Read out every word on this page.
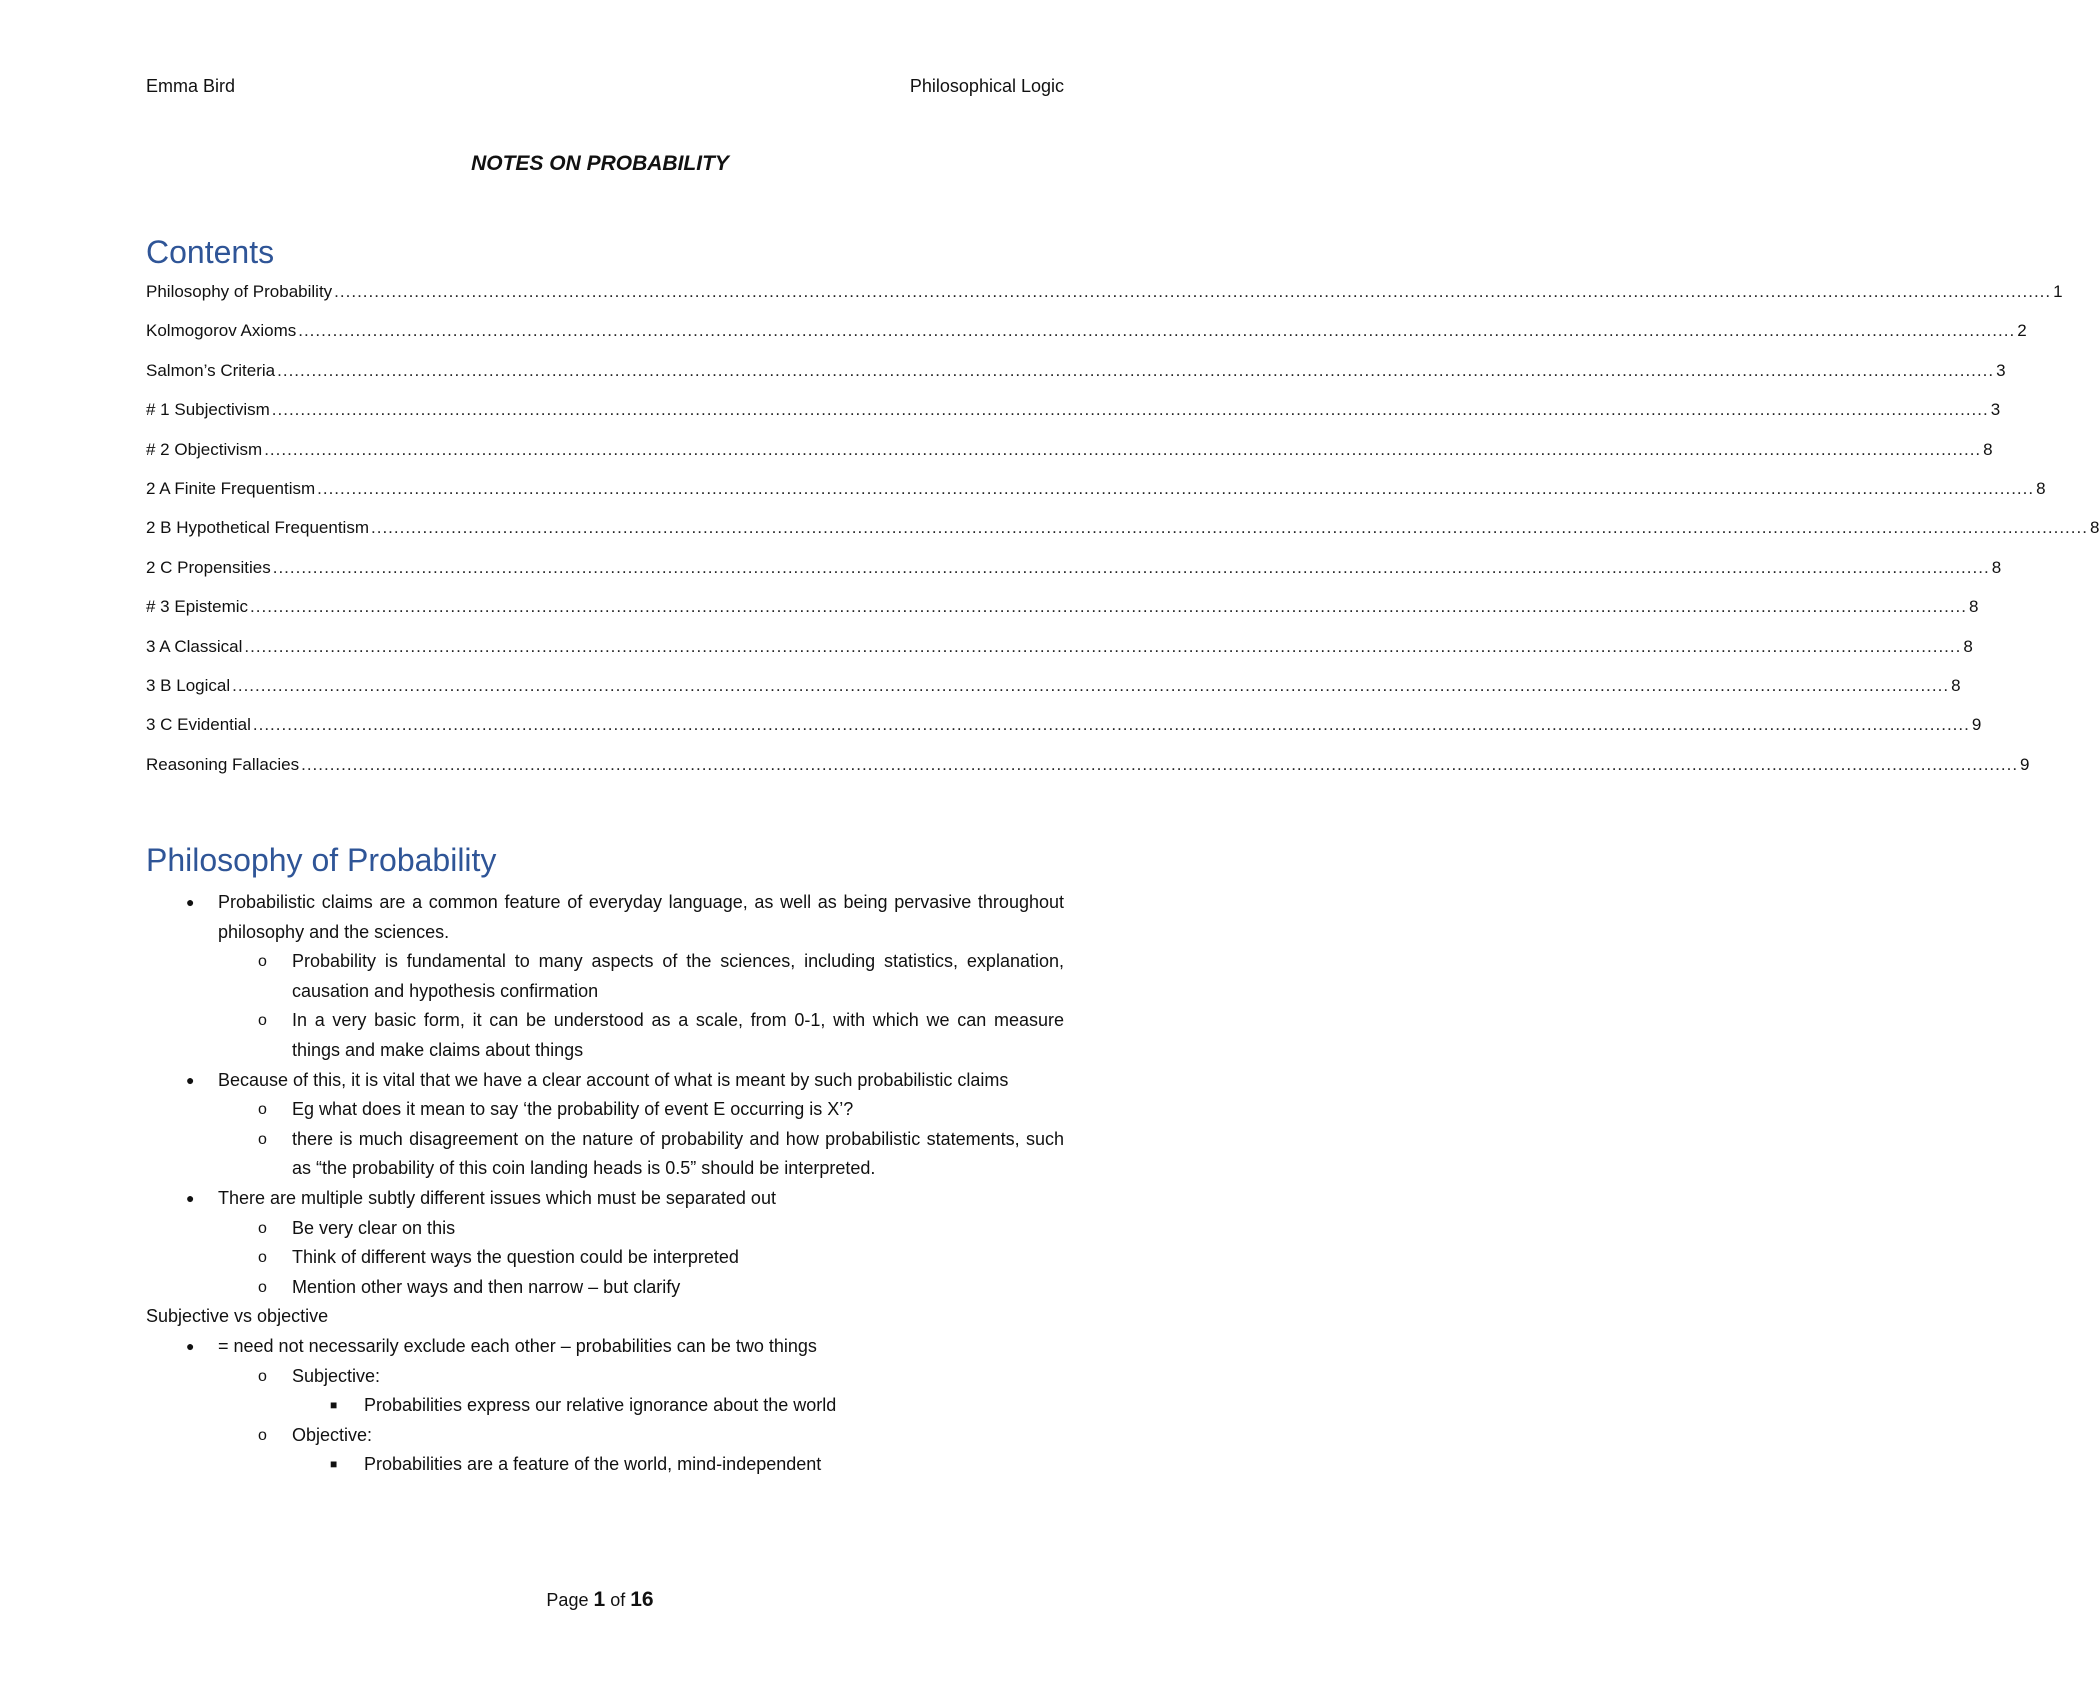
Emma Bird	Philosophical Logic
NOTES ON PROBABILITY
Contents
Philosophy of Probability ............................................................................................................................................................................................................................................................................................................ 1
Kolmogorov Axioms ............................................................................................................................................................................................................................................................................................................ 2
Salmon’s Criteria ............................................................................................................................................................................................................................................................................................................ 3
# 1 Subjectivism ............................................................................................................................................................................................................................................................................................................ 3
# 2 Objectivism ............................................................................................................................................................................................................................................................................................................ 8
2 A Finite Frequentism ............................................................................................................................................................................................................................................................................................................ 8
2 B Hypothetical Frequentism ............................................................................................................................................................................................................................................................................................................ 8
2 C Propensities ............................................................................................................................................................................................................................................................................................................ 8
# 3 Epistemic ............................................................................................................................................................................................................................................................................................................ 8
3 A Classical ............................................................................................................................................................................................................................................................................................................ 8
3 B Logical ............................................................................................................................................................................................................................................................................................................ 8
3 C Evidential ............................................................................................................................................................................................................................................................................................................ 9
Reasoning Fallacies ............................................................................................................................................................................................................................................................................................................ 9
Philosophy of Probability
● Probabilistic claims are a common feature of everyday language, as well as being pervasive throughout philosophy and the sciences.
o Probability is fundamental to many aspects of the sciences, including statistics, explanation, causation and hypothesis confirmation
o In a very basic form, it can be understood as a scale, from 0-1, with which we can measure things and make claims about things
● Because of this, it is vital that we have a clear account of what is meant by such probabilistic claims
o Eg what does it mean to say ‘the probability of event E occurring is X’?
o there is much disagreement on the nature of probability and how probabilistic statements, such as “the probability of this coin landing heads is 0.5” should be interpreted.
● There are multiple subtly different issues which must be separated out
o Be very clear on this
o Think of different ways the question could be interpreted
o Mention other ways and then narrow – but clarify
Subjective vs objective
● = need not necessarily exclude each other – probabilities can be two things
o Subjective:
■ Probabilities express our relative ignorance about the world
o Objective:
■ Probabilities are a feature of the world, mind-independent
Page 1 of 16
